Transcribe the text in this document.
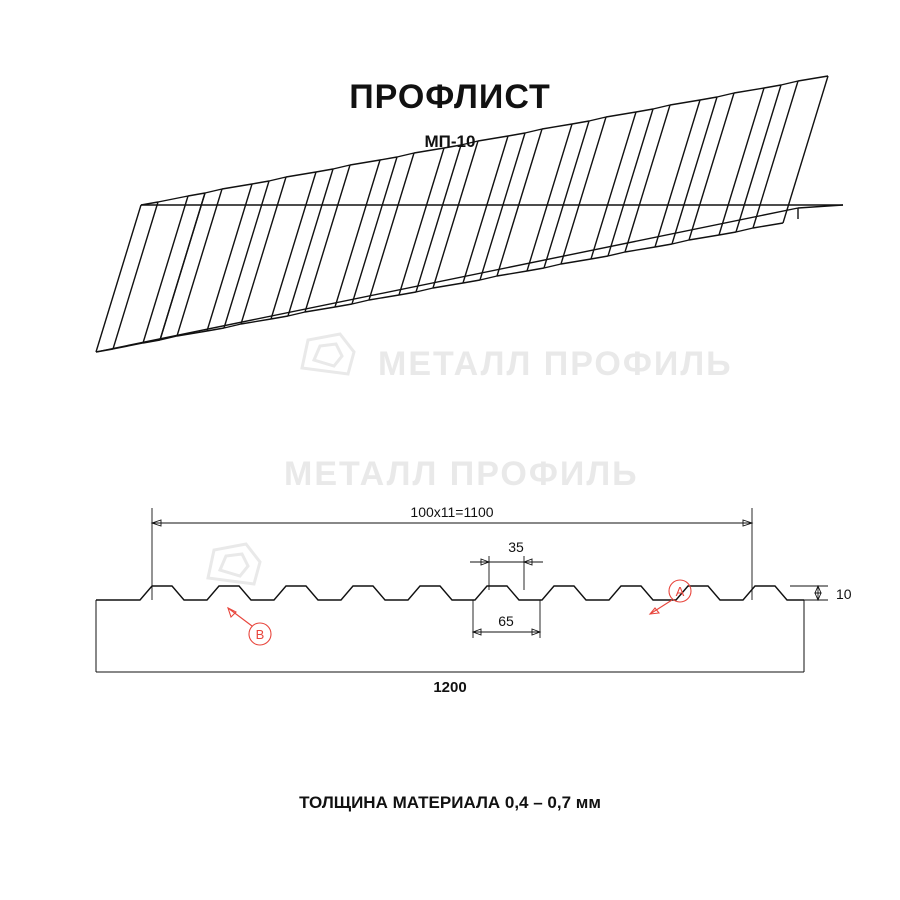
ПРОФЛИСТ
МП-10
ТОЛЩИНА МАТЕРИАЛА 0,4 – 0,7 мм
МЕТАЛЛ ПРОФИЛЬ
МЕТАЛЛ ПРОФИЛЬ
100x11=1100
35
65
10
1200
A
B
